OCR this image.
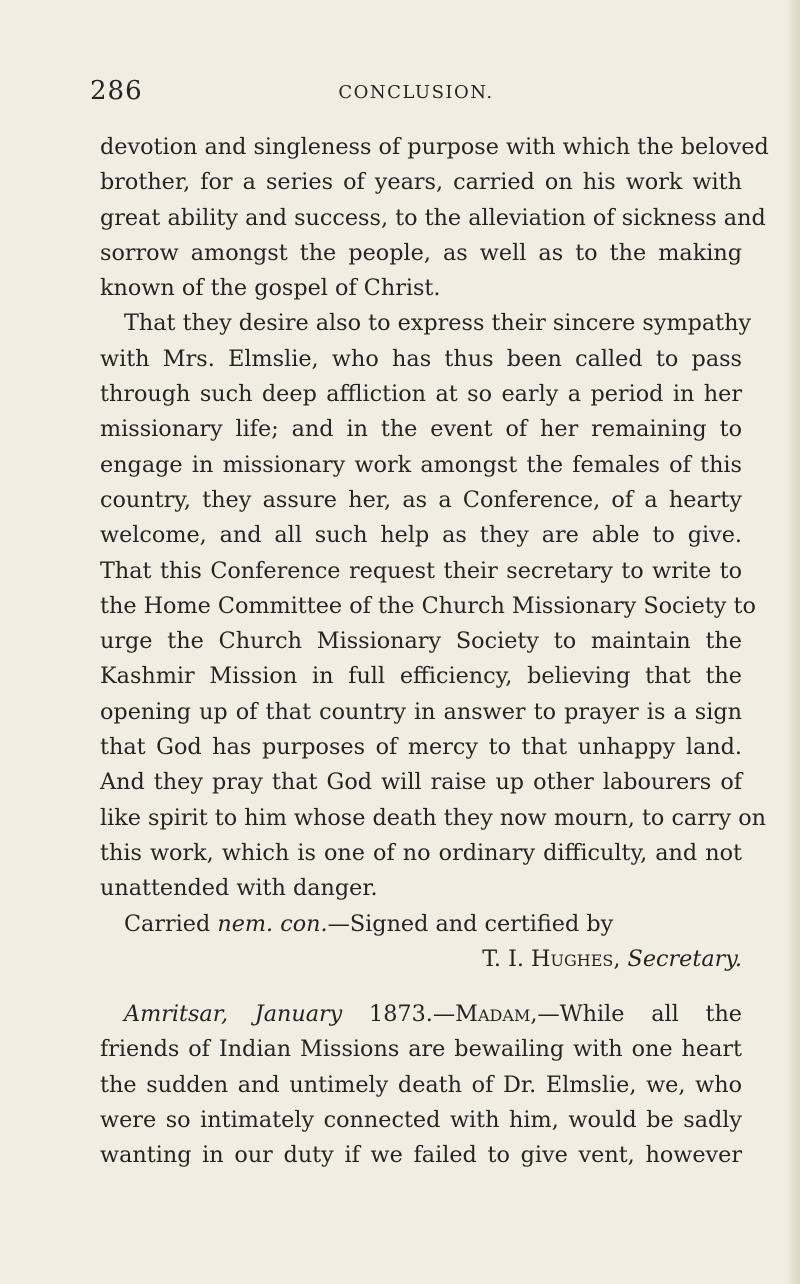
286	CONCLUSION.
devotion and singleness of purpose with which the beloved
brother, for a series of years, carried on his work with
great ability and success, to the alleviation of sickness and
sorrow amongst the people, as well as to the making
known of the gospel of Christ.
That they desire also to express their sincere sympathy
with Mrs. Elmslie, who has thus been called to pass
through such deep affliction at so early a period in her
missionary life; and in the event of her remaining to
engage in missionary work amongst the females of this
country, they assure her, as a Conference, of a hearty
welcome, and all such help as they are able to give.
That this Conference request their secretary to write to
the Home Committee of the Church Missionary Society to
urge the Church Missionary Society to maintain the
Kashmir Mission in full efficiency, believing that the
opening up of that country in answer to prayer is a sign
that God has purposes of mercy to that unhappy land.
And they pray that God will raise up other labourers of
like spirit to him whose death they now mourn, to carry on
this work, which is one of no ordinary difficulty, and not
unattended with danger.
Carried nem. con.—Signed and certified by
T. I. Hughes, Secretary.
Amritsar, January 1873.—Madam,—While all the
friends of Indian Missions are bewailing with one heart
the sudden and untimely death of Dr. Elmslie, we, who
were so intimately connected with him, would be sadly
wanting in our duty if we failed to give vent, however
